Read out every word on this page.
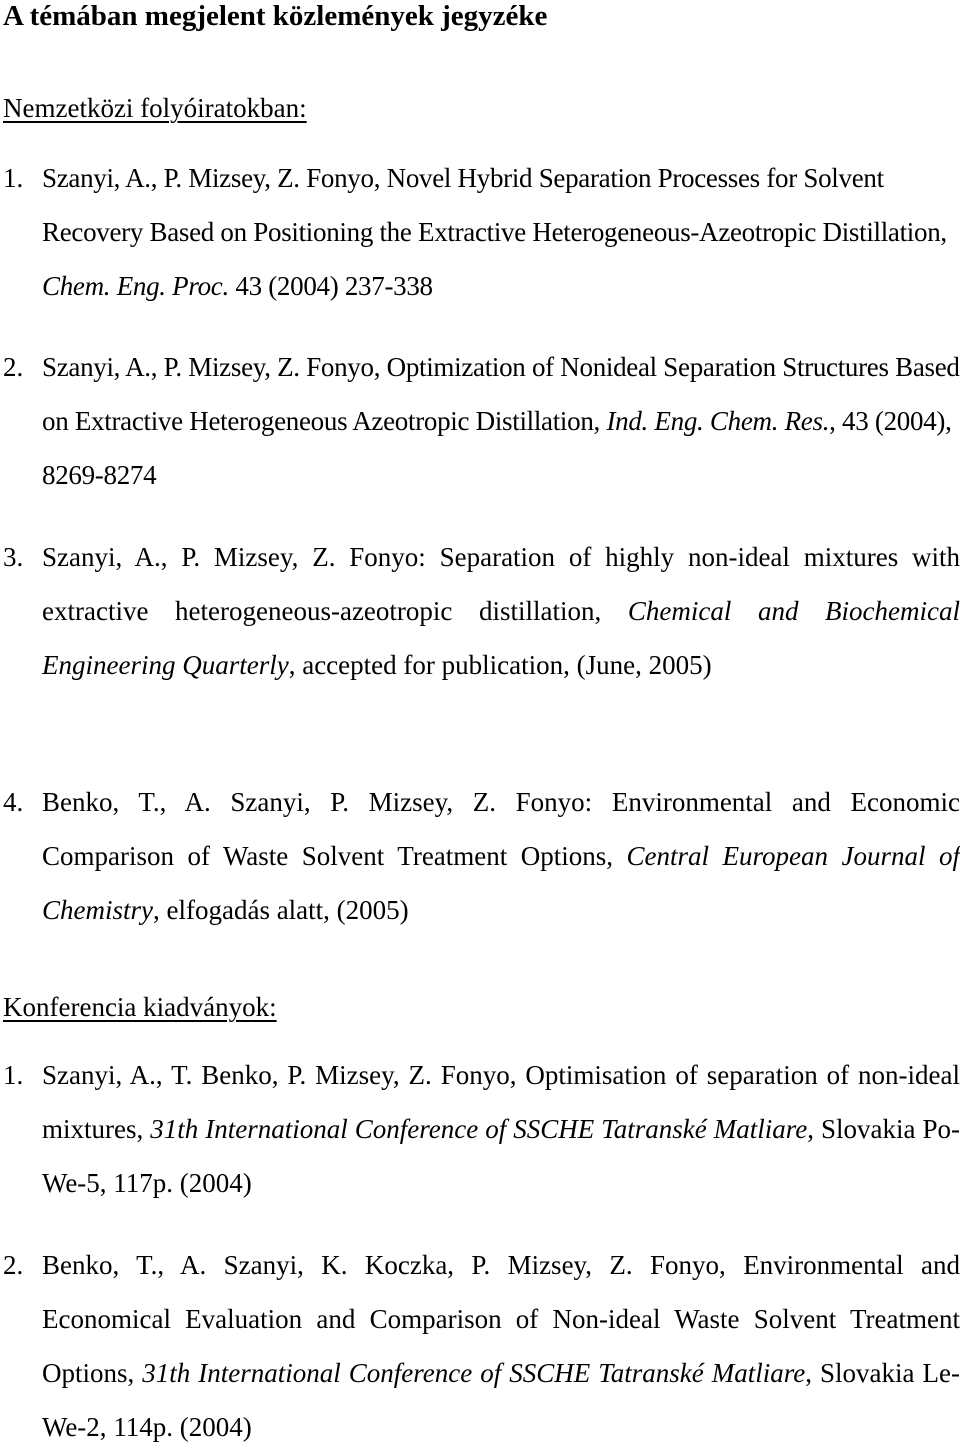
A témában megjelent közlemények jegyzéke
Nemzetközi folyóiratokban:
1. Szanyi, A., P. Mizsey, Z. Fonyo, Novel Hybrid Separation Processes for Solvent Recovery Based on Positioning the Extractive Heterogeneous-Azeotropic Distillation, Chem. Eng. Proc. 43 (2004) 237-338
2. Szanyi, A., P. Mizsey, Z. Fonyo, Optimization of Nonideal Separation Structures Based on Extractive Heterogeneous Azeotropic Distillation, Ind. Eng. Chem. Res., 43 (2004), 8269-8274
3. Szanyi, A., P. Mizsey, Z. Fonyo: Separation of highly non-ideal mixtures with extractive heterogeneous-azeotropic distillation, Chemical and Biochemical Engineering Quarterly, accepted for publication, (June, 2005)
4. Benko, T., A. Szanyi, P. Mizsey, Z. Fonyo: Environmental and Economic Comparison of Waste Solvent Treatment Options, Central European Journal of Chemistry, elfogadás alatt, (2005)
Konferencia kiadványok:
1. Szanyi, A., T. Benko, P. Mizsey, Z. Fonyo, Optimisation of separation of non-ideal mixtures, 31th International Conference of SSCHE Tatranské Matliare, Slovakia Po-We-5, 117p. (2004)
2. Benko, T., A. Szanyi, K. Koczka, P. Mizsey, Z. Fonyo, Environmental and Economical Evaluation and Comparison of Non-ideal Waste Solvent Treatment Options, 31th International Conference of SSCHE Tatranské Matliare, Slovakia Le-We-2, 114p. (2004)
